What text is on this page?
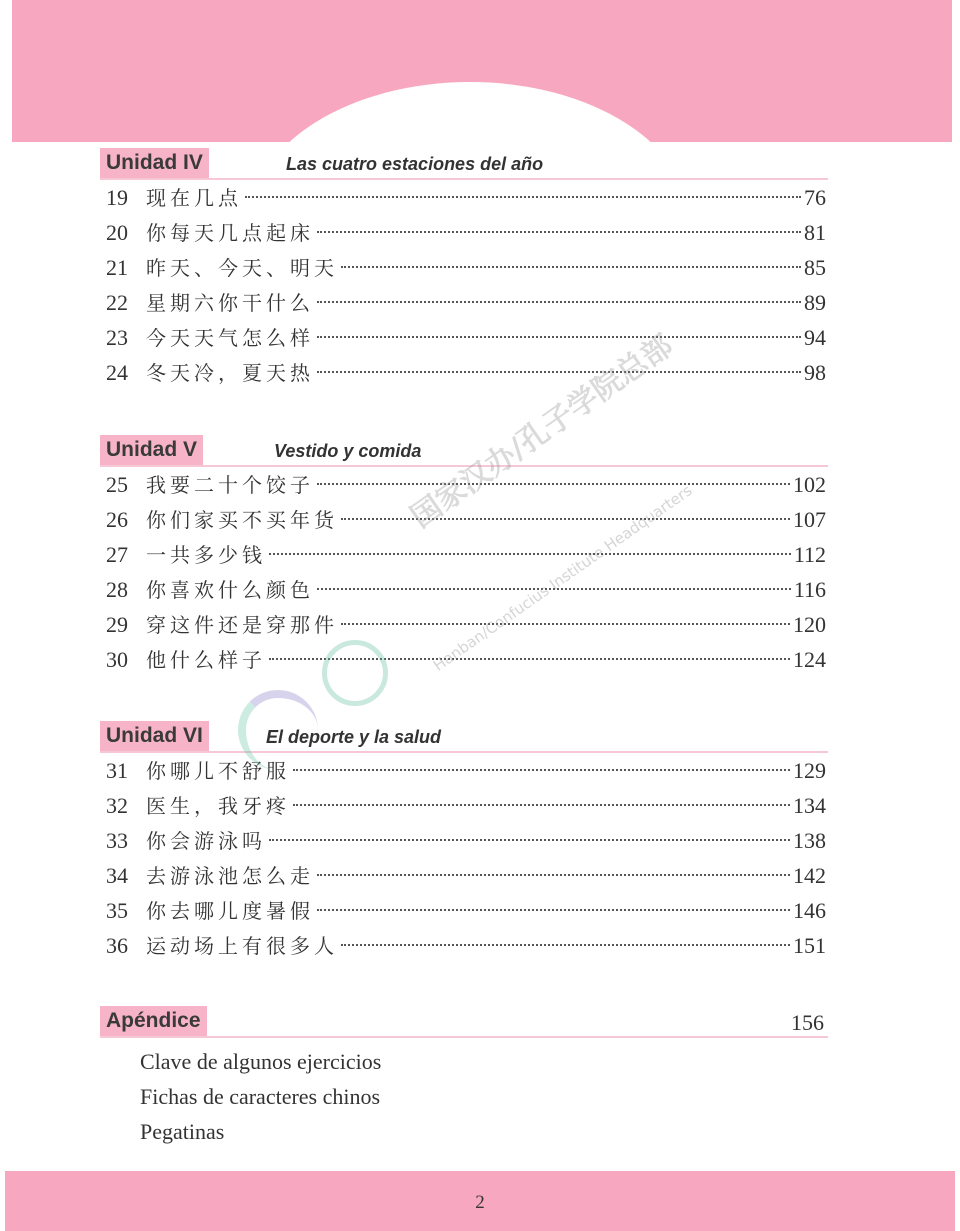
Unidad IV	Las cuatro estaciones del año
19 现在几点	76
20 你每天几点起床	81
21 昨天、今天、明天	85
22 星期六你干什么	89
23 今天天气怎么样	94
24 冬天冷，夏天热	98
Unidad V	Vestido y comida
25 我要二十个饺子	102
26 你们家买不买年货	107
27 一共多少钱	112
28 你喜欢什么颜色	116
29 穿这件还是穿那件	120
30 他什么样子	124
Unidad VI	El deporte y la salud
31 你哪儿不舒服	129
32 医生，我牙疼	134
33 你会游泳吗	138
34 去游泳池怎么走	142
35 你去哪儿度暑假	146
36 运动场上有很多人	151
Apéndice	156
Clave de algunos ejercicios
Fichas de caracteres chinos
Pegatinas
国家汉办/孔子学院总部
Hanban/Confucius Institute Headquarters
2
